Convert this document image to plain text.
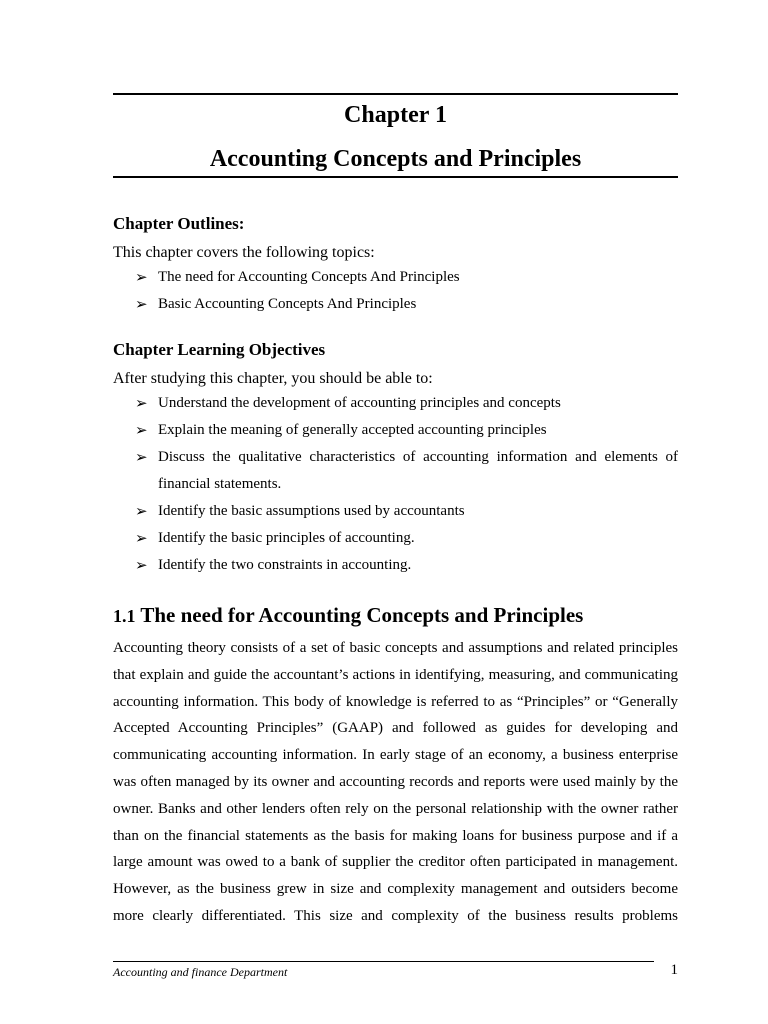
Chapter 1
Accounting Concepts and Principles
Chapter Outlines:
This chapter covers the following topics:
➢ The need for Accounting Concepts And Principles
➢ Basic Accounting Concepts And Principles
Chapter Learning Objectives
After studying this chapter, you should be able to:
➢ Understand the development of accounting principles and concepts
➢ Explain the meaning of generally accepted accounting principles
➢ Discuss the qualitative characteristics of accounting information and elements of financial statements.
➢ Identify the basic assumptions used by accountants
➢ Identify the basic principles of accounting.
➢ Identify the two constraints in accounting.
1.1 The need for Accounting Concepts and Principles
Accounting theory consists of a set of basic concepts and assumptions and related principles that explain and guide the accountant’s actions in identifying, measuring, and communicating accounting information. This body of knowledge is referred to as “Principles” or “Generally Accepted Accounting Principles” (GAAP) and followed as guides for developing and communicating accounting information. In early stage of an economy, a business enterprise was often managed by its owner and accounting records and reports were used mainly by the owner. Banks and other lenders often rely on the personal relationship with the owner rather than on the financial statements as the basis for making loans for business purpose and if a large amount was owed to a bank of supplier the creditor often participated in management. However, as the business grew in size and complexity management and outsiders become more clearly differentiated. This size and complexity of the business results problems
Accounting and finance Department	1
